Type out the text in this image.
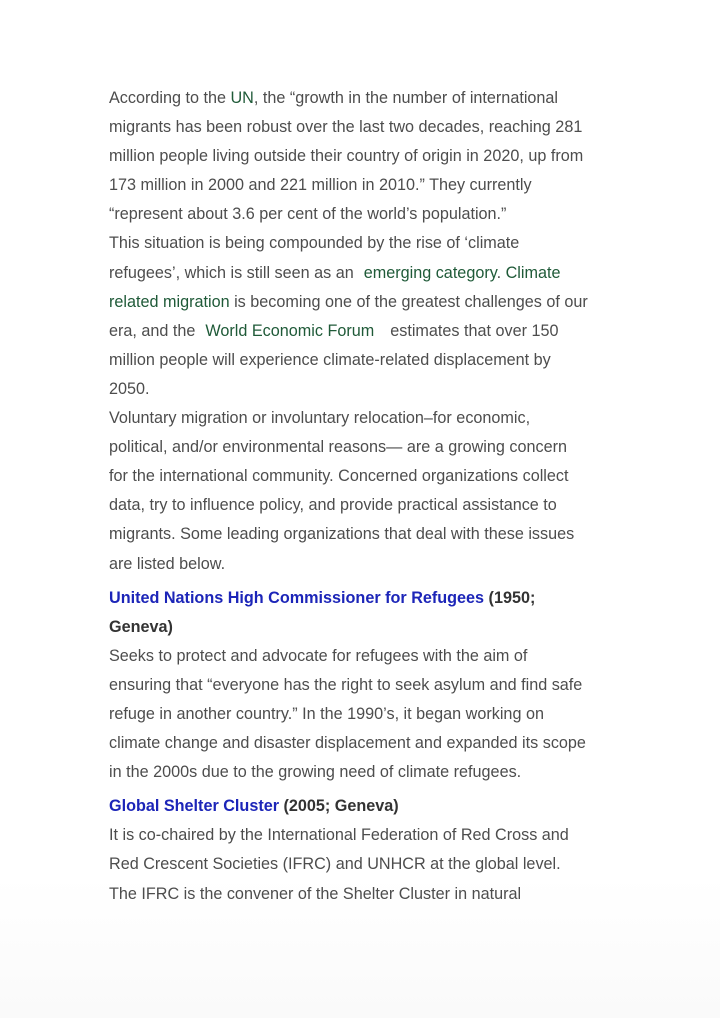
According to the UN, the “growth in the number of international
migrants has been robust over the last two decades, reaching 281
million people living outside their country of origin in 2020, up from
173 million in 2000 and 221 million in 2010.” They currently
“represent about 3.6 per cent of the world’s population.”

This situation is being compounded by the rise of ‘climate
refugees’, which is still seen as an emerging category. Climate
related migration is becoming one of the greatest challenges of our
era, and the World Economic Forum estimates that over 150
million people will experience climate-related displacement by
2050.

Voluntary migration or involuntary relocation–for economic,
political, and/or environmental reasons— are a growing concern
for the international community. Concerned organizations collect
data, try to influence policy, and provide practical assistance to
migrants. Some leading organizations that deal with these issues
are listed below.

United Nations High Commissioner for Refugees (1950;
Geneva)

Seeks to protect and advocate for refugees with the aim of
ensuring that “everyone has the right to seek asylum and find safe
refuge in another country.” In the 1990’s, it began working on
climate change and disaster displacement and expanded its scope
in the 2000s due to the growing need of climate refugees.

Global Shelter Cluster (2005; Geneva)

It is co-chaired by the International Federation of Red Cross and
Red Crescent Societies (IFRC) and UNHCR at the global level.
The IFRC is the convener of the Shelter Cluster in natural
